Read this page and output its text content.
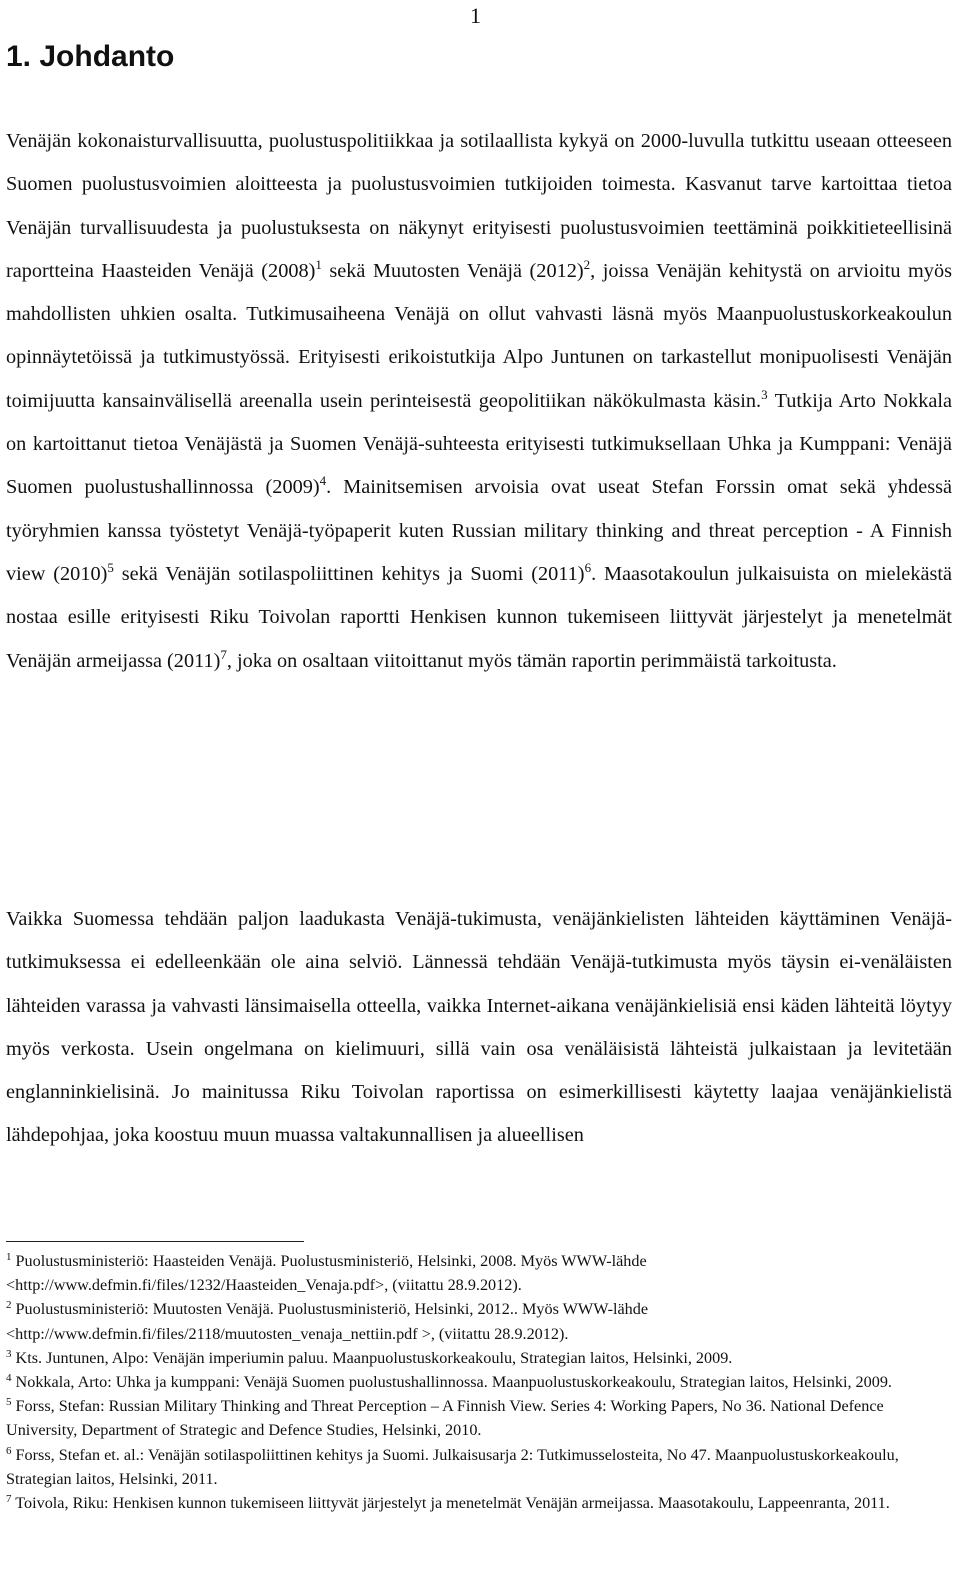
1
1. Johdanto

Venäjän kokonaisturvallisuutta, puolustuspolitiikkaa ja sotilaallista kykyä on 2000-luvulla tutkittu useaan otteeseen Suomen puolustusvoimien aloitteesta ja puolustusvoimien tutkijoiden toimesta. Kasvanut tarve kartoittaa tietoa Venäjän turvallisuudesta ja puolustuksesta on näkynyt erityisesti puolustusvoimien teettäminä poikkitieteellisinä raportteina Haasteiden Venäjä $(2008)^1$ sekä Muutosten Venäjä $(2012)^2$, joissa Venäjän kehitystä on arvioitu myös mahdollisten uhkien osalta. Tutkimusaiheena Venäjä on ollut vahvasti läsnä myös Maanpuolustuskorkeakoulun opinnäytetöissä ja tutkimustyössä. Erityisesti erikoistutkija Alpo Juntunen on tarkastellut monipuolisesti Venäjän toimijuutta kansainvälisellä areenalla usein perinteisestä geopolitiikan näkökulmasta käsin.$^3$ Tutkija Arto Nokkala on kartoittanut tietoa Venäjästä ja Suomen Venäjä-suhteesta erityisesti tutkimuksellaan Uhka ja Kumppani: Venäjä Suomen puolustushallinnossa $(2009)^4$. Mainitsemisen arvoisia ovat useat Stefan Forssin omat sekä yhdessä työryhmien kanssa työstetyt Venäjä-työpaperit kuten Russian military thinking and threat perception - A Finnish view $(2010)^5$ sekä Venäjän sotilaspoliittinen kehitys ja Suomi $(2011)^6$. Maasotakoulun julkaisuista on mielekästä nostaa esille erityisesti Riku Toivolan raportti Henkisen kunnon tukemiseen liittyvät järjestelyt ja menetelmät Venäjän armeijassa $(2011)^7$, joka on osaltaan viitoittanut myös tämän raportin perimmäistä tarkoitusta.

Vaikka Suomessa tehdään paljon laadukasta Venäjä-tukimusta, venäjänkielisten lähteiden käyttäminen Venäjä-tutkimuksessa ei edelleenkään ole aina selviö. Lännessä tehdään Venäjä-tutkimusta myös täysin ei-venäläisten lähteiden varassa ja vahvasti länsimaisella otteella, vaikka Internet-aikana venäjänkielisiä ensi käden lähteitä löytyy myös verkosta. Usein ongelmana on kielimuuri, sillä vain osa venäläisistä lähteistä julkaistaan ja levitetään englanninkielisinä. Jo mainitussa Riku Toivolan raportissa on esimerkillisesti käytetty laajaa venäjänkielistä lähdepohjaa, joka koostuu muun muassa valtakunnallisen ja alueellisen

$^1$ Puolustusministeriö: Haasteiden Venäjä. Puolustusministeriö, Helsinki, 2008. Myös WWW-lähde <http://www.defmin.fi/files/1232/Haasteiden_Venaja.pdf>, (viitattu 28.9.2012).

$^2$ Puolustusministeriö: Muutosten Venäjä. Puolustusministeriö, Helsinki, 2012.. Myös WWW-lähde <http://www.defmin.fi/files/2118/muutosten_venaja_nettiin.pdf >, (viitattu 28.9.2012).

$^3$ Kts. Juntunen, Alpo: Venäjän imperiumin paluu. Maanpuolustuskorkeakoulu, Strategian laitos, Helsinki, 2009.

$^4$ Nokkala, Arto: Uhka ja kumppani: Venäjä Suomen puolustushallinnossa. Maanpuolustuskorkeakoulu, Strategian laitos, Helsinki, 2009.

$^5$ Forss, Stefan: Russian Military Thinking and Threat Perception – A Finnish View. Series 4: Working Papers, No 36. National Defence University, Department of Strategic and Defence Studies, Helsinki, 2010.

$^6$ Forss, Stefan et. al.: Venäjän sotilaspoliittinen kehitys ja Suomi. Julkaisusarja 2: Tutkimusselosteita, No 47. Maanpuolustuskorkeakoulu, Strategian laitos, Helsinki, 2011.

$^7$ Toivola, Riku: Henkisen kunnon tukemiseen liittyvät järjestelyt ja menetelmät Venäjän armeijassa. Maasotakoulu, Lappeenranta, 2011.
